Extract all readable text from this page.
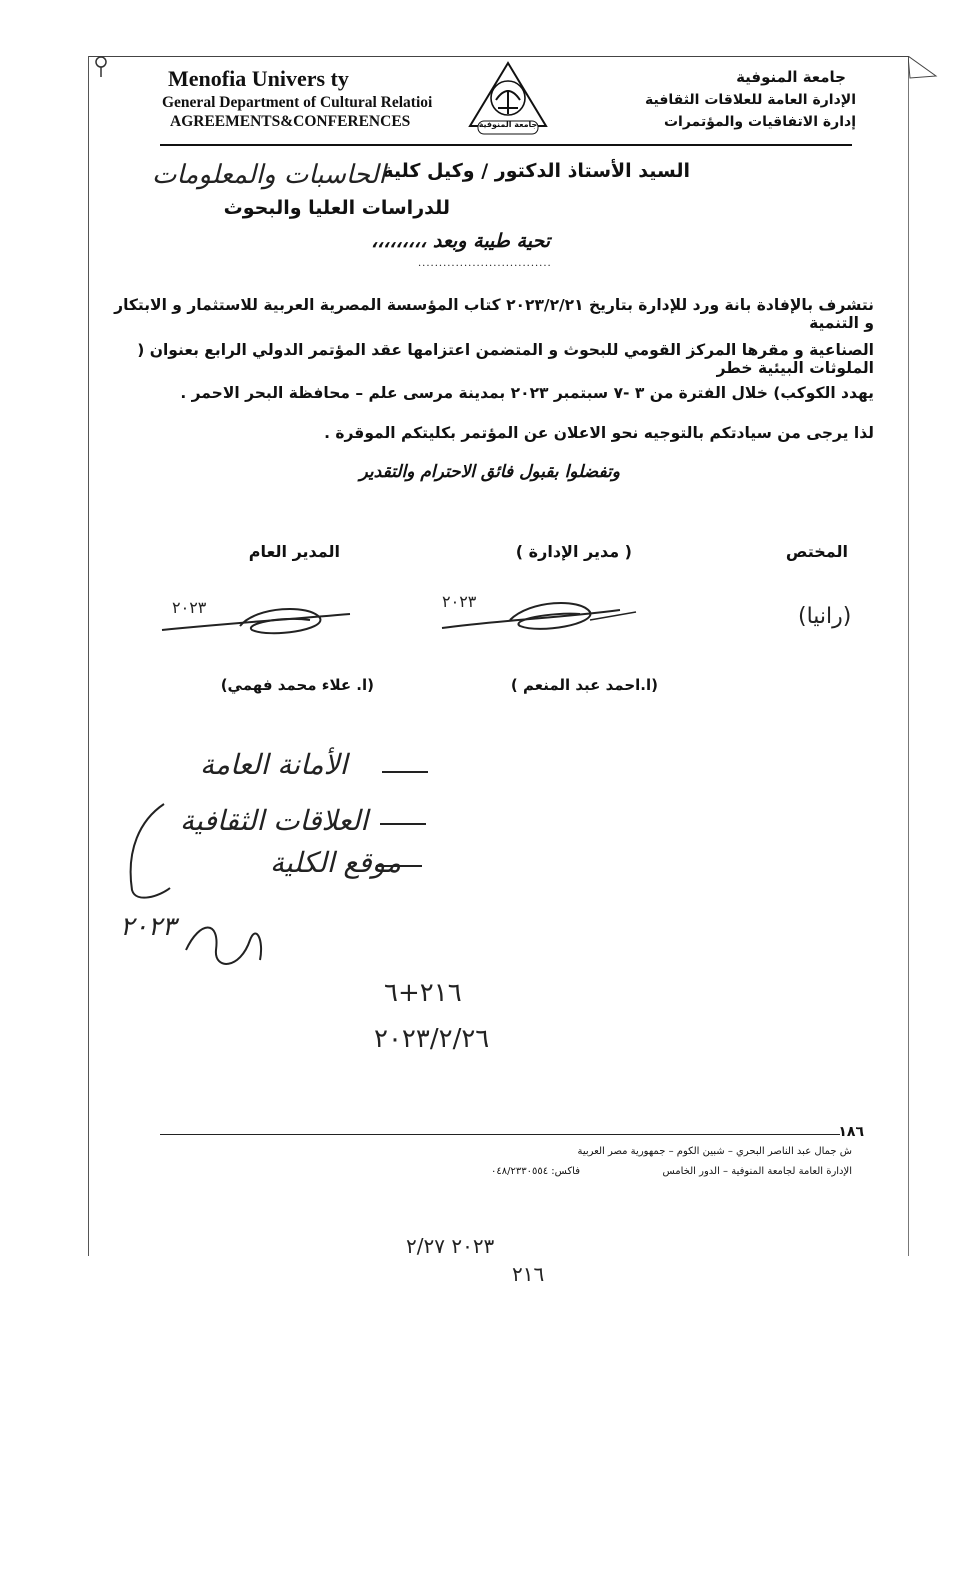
Menofia Univers ty
General Department of Cultural Relatioi
AGREEMENTS&CONFERENCES	جامعة المنوفية
جامعة المنوفية
الإدارة العامة للعلاقات الثقافية
إدارة الاتفاقيات والمؤتمرات
السيد الأستاذ الدكتور / وكيل كلية
الحاسبات والمعلومات
للدراسات العليا والبحوث
تحية طيبة وبعد ،،،،،،،،،
................................
نتشرف بالإفادة بانة ورد للإدارة بتاريخ ٢٠٢٣/٢/٢١ كتاب المؤسسة المصرية العربية للاستثمار و الابتكار و التنمية
الصناعية و مقرها المركز القومي للبحوث و المتضمن اعتزامها عقد المؤتمر الدولي الرابع بعنوان ( الملوثات البيئية خطر
يهدد الكوكب) خلال الفترة من ٣ -٧ سبتمبر ٢٠٢٣ بمدينة مرسى علم – محافظة البحر الاحمر .
لذا يرجى من سيادتكم بالتوجيه نحو الاعلان عن المؤتمر بكليتكم الموقرة .
وتفضلوا بقبول فائق الاحترام والتقدير
المختص
( مدير الإدارة )
المدير العام
(رانيا)
٢٠٢٣
٢٠٢٣
(ا.احمد عبد المنعم )
(ا. علاء محمد فهمي)
الأمانة العامة
العلاقات الثقافية
موقع الكلية
٢٠٢٣
٢١٦+٦
٢٠٢٣/٢/٢٦
١٨٦
ش جمال عبد الناصر البحري – شبين الكوم – جمهورية مصر العربية
الإدارة العامة لجامعة المنوفية – الدور الخامس
فاكس: ٠٤٨/٢٣٣٠٥٥٤
٢٠٢٣ ٢/٢٧
٢١٦
